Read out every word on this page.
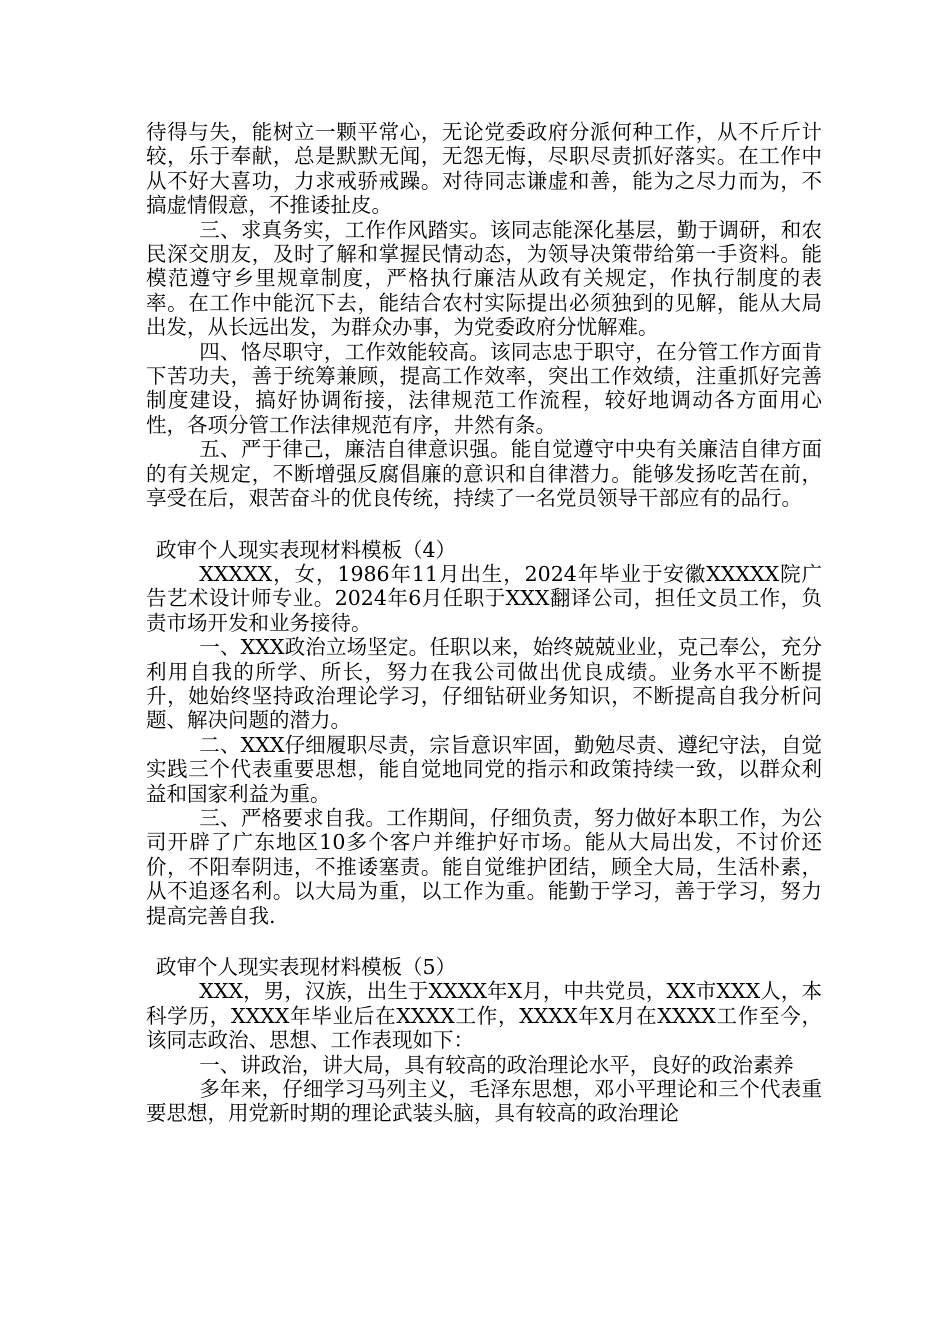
待得与失，能树立一颗平常心，无论党委政府分派何种工作，从不斤斤计较，乐于奉献，总是默默无闻，无怨无悔，尽职尽责抓好落实。在工作中从不好大喜功，力求戒骄戒躁。对待同志谦虚和善，能为之尽力而为，不搞虚情假意，不推诿扯皮。

三、求真务实，工作作风踏实。该同志能深化基层，勤于调研，和农民深交朋友，及时了解和掌握民情动态，为领导决策带给第一手资料。能模范遵守乡里规章制度，严格执行廉洁从政有关规定，作执行制度的表率。在工作中能沉下去，能结合农村实际提出必须独到的见解，能从大局出发，从长远出发，为群众办事，为党委政府分忧解难。

四、恪尽职守，工作效能较高。该同志忠于职守，在分管工作方面肯下苦功夫，善于统筹兼顾，提高工作效率，突出工作效绩，注重抓好完善制度建设，搞好协调衔接，法律规范工作流程，较好地调动各方面用心性，各项分管工作法律规范有序，井然有条。

五、严于律己，廉洁自律意识强。能自觉遵守中央有关廉洁自律方面的有关规定，不断增强反腐倡廉的意识和自律潜力。能够发扬吃苦在前，享受在后，艰苦奋斗的优良传统，持续了一名党员领导干部应有的品行。

政审个人现实表现材料模板（4）

XXXXX，女，1986年11月出生，2024年毕业于安徽XXXXX院广告艺术设计师专业。2024年6月任职于XXX翻译公司，担任文员工作，负责市场开发和业务接待。

一、XXX政治立场坚定。任职以来，始终兢兢业业，克己奉公，充分利用自我的所学、所长，努力在我公司做出优良成绩。业务水平不断提升，她始终坚持政治理论学习，仔细钻研业务知识，不断提高自我分析问题、解决问题的潜力。

二、XXX仔细履职尽责，宗旨意识牢固，勤勉尽责、遵纪守法，自觉实践三个代表重要思想，能自觉地同党的指示和政策持续一致，以群众利益和国家利益为重。

三、严格要求自我。工作期间，仔细负责，努力做好本职工作，为公司开辟了广东地区10多个客户并维护好市场。能从大局出发，不讨价还价，不阳奉阴违，不推诿塞责。能自觉维护团结，顾全大局，生活朴素，从不追逐名利。以大局为重，以工作为重。能勤于学习，善于学习，努力提高完善自我.

政审个人现实表现材料模板（5）

XXX，男，汉族，出生于XXXX年X月，中共党员，XX市XXX人，本科学历，XXXX年毕业后在XXXX工作，XXXX年X月在XXXX工作至今，该同志政治、思想、工作表现如下：

一、讲政治，讲大局，具有较高的政治理论水平，良好的政治素养

多年来，仔细学习马列主义，毛泽东思想，邓小平理论和三个代表重要思想，用党新时期的理论武装头脑，具有较高的政治理论
